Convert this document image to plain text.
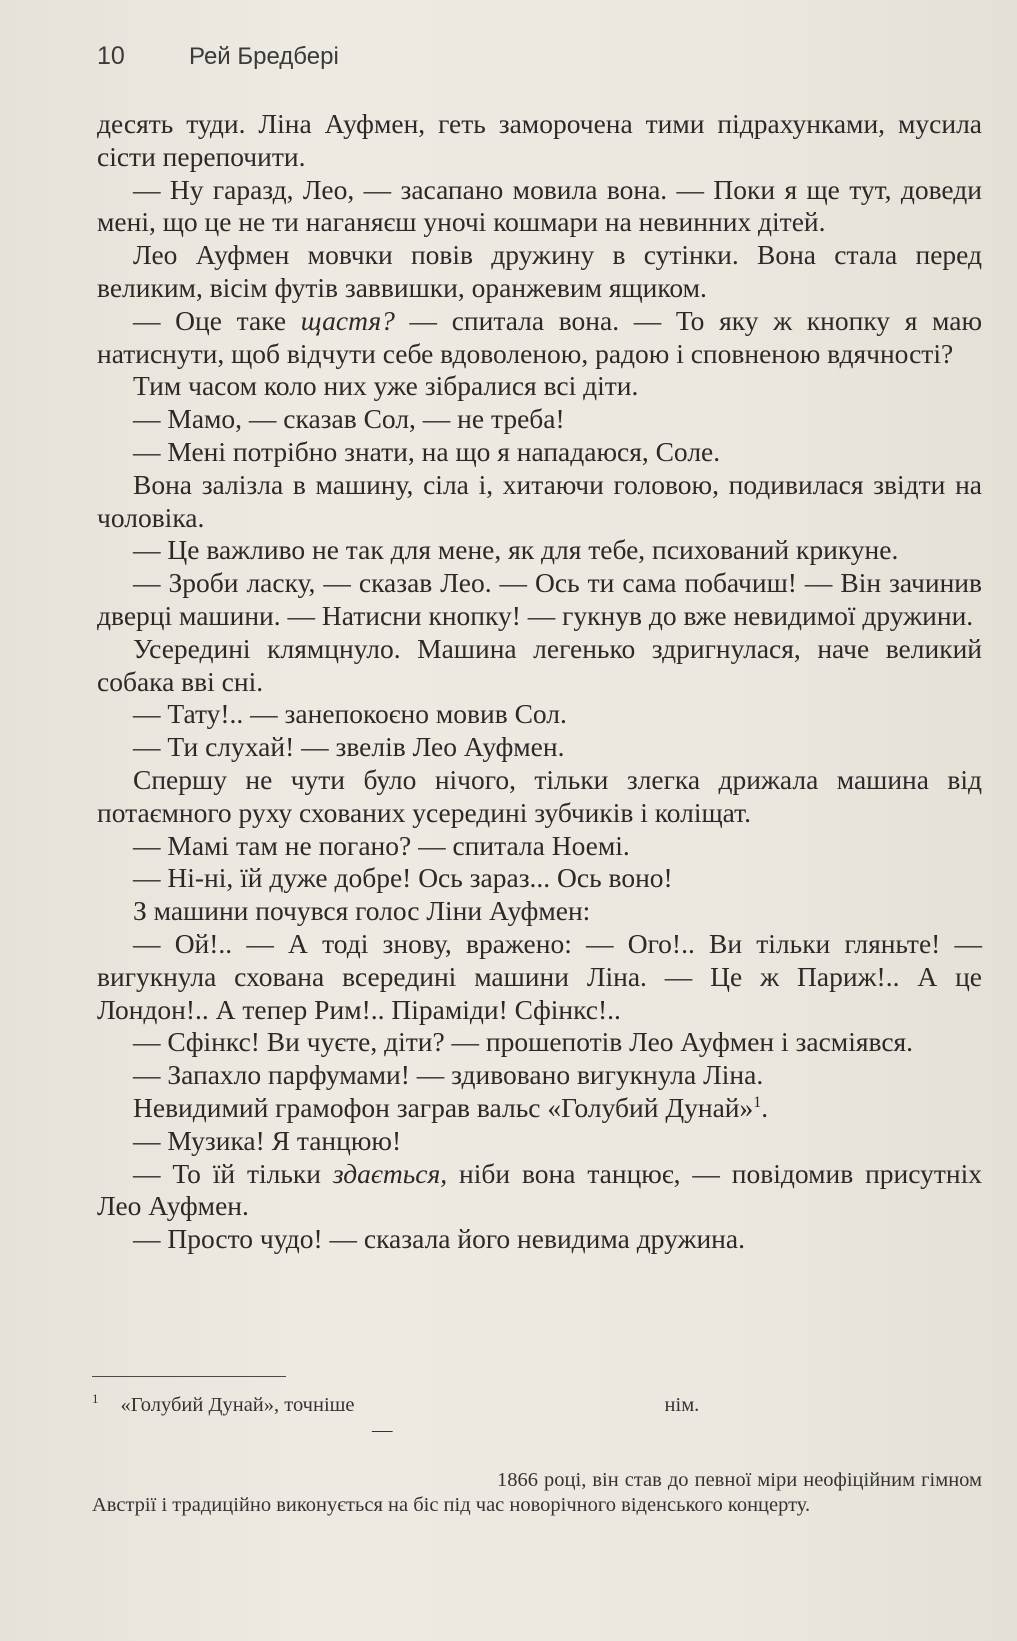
10	Рей Бредбері

десять туди. Ліна Ауфмен, геть заморочена тими підрахунками, мусила сісти перепочити.

— Ну гаразд, Лео, — засапано мовила вона. — Поки я ще тут, доведи мені, що це не ти наганяєш уночі кошмари на невинних дітей.

Лео Ауфмен мовчки повів дружину в сутінки. Вона стала перед великим, вісім футів заввишки, оранжевим ящиком.

— Оце таке щастя? — спитала вона. — То яку ж кнопку я маю натиснути, щоб відчути себе вдоволеною, радою і сповненою вдячності?

Тим часом коло них уже зібралися всі діти.

— Мамо, — сказав Сол, — не треба!

— Мені потрібно знати, на що я нападаюся, Соле.

Вона залізла в машину, сіла і, хитаючи головою, подивилася звідти на чоловіка.

— Це важливо не так для мене, як для тебе, психований крикуне.

— Зроби ласку, — сказав Лео. — Ось ти сама побачиш! — Він зачинив дверці машини. — Натисни кнопку! — гукнув до вже невидимої дружини.

Усередині клямцнуло. Машина легенько здригнулася, наче великий собака вві сні.

— Тату!.. — занепокоєно мовив Сол.

— Ти слухай! — звелів Лео Ауфмен.

Спершу не чути було нічого, тільки злегка дрижала машина від потаємного руху схованих усередині зубчиків і коліщат.

— Мамі там не погано? — спитала Ноемі.

— Ні-ні, їй дуже добре! Ось зараз... Ось воно!

З машини почувся голос Ліни Ауфмен:

— Ой!.. — А тоді знову, вражено: — Ого!.. Ви тільки гляньте! — вигукнула схована всередині машини Ліна. — Це ж Париж!.. А це Лондон!.. А тепер Рим!.. Піраміди! Сфінкс!..

— Сфінкс! Ви чуєте, діти? — прошепотів Лео Ауфмен і засміявся.

— Запахло парфумами! — здивовано вигукнула Ліна.

Невидимий грамофон заграв вальс «Голубий Дунай»$^1$.

— Музика! Я танцюю!

— То їй тільки здається, ніби вона танцює, — повідомив присутніх Лео Ауфмен.

— Просто чудо! — сказала його невидима дружина.

$^1$ «Голубий Дунай», точніше	нім.
—

1866 році, він став до певної міри неофіційним гімном Австрії і традиційно виконується на біс під час новорічного віденського концерту.
